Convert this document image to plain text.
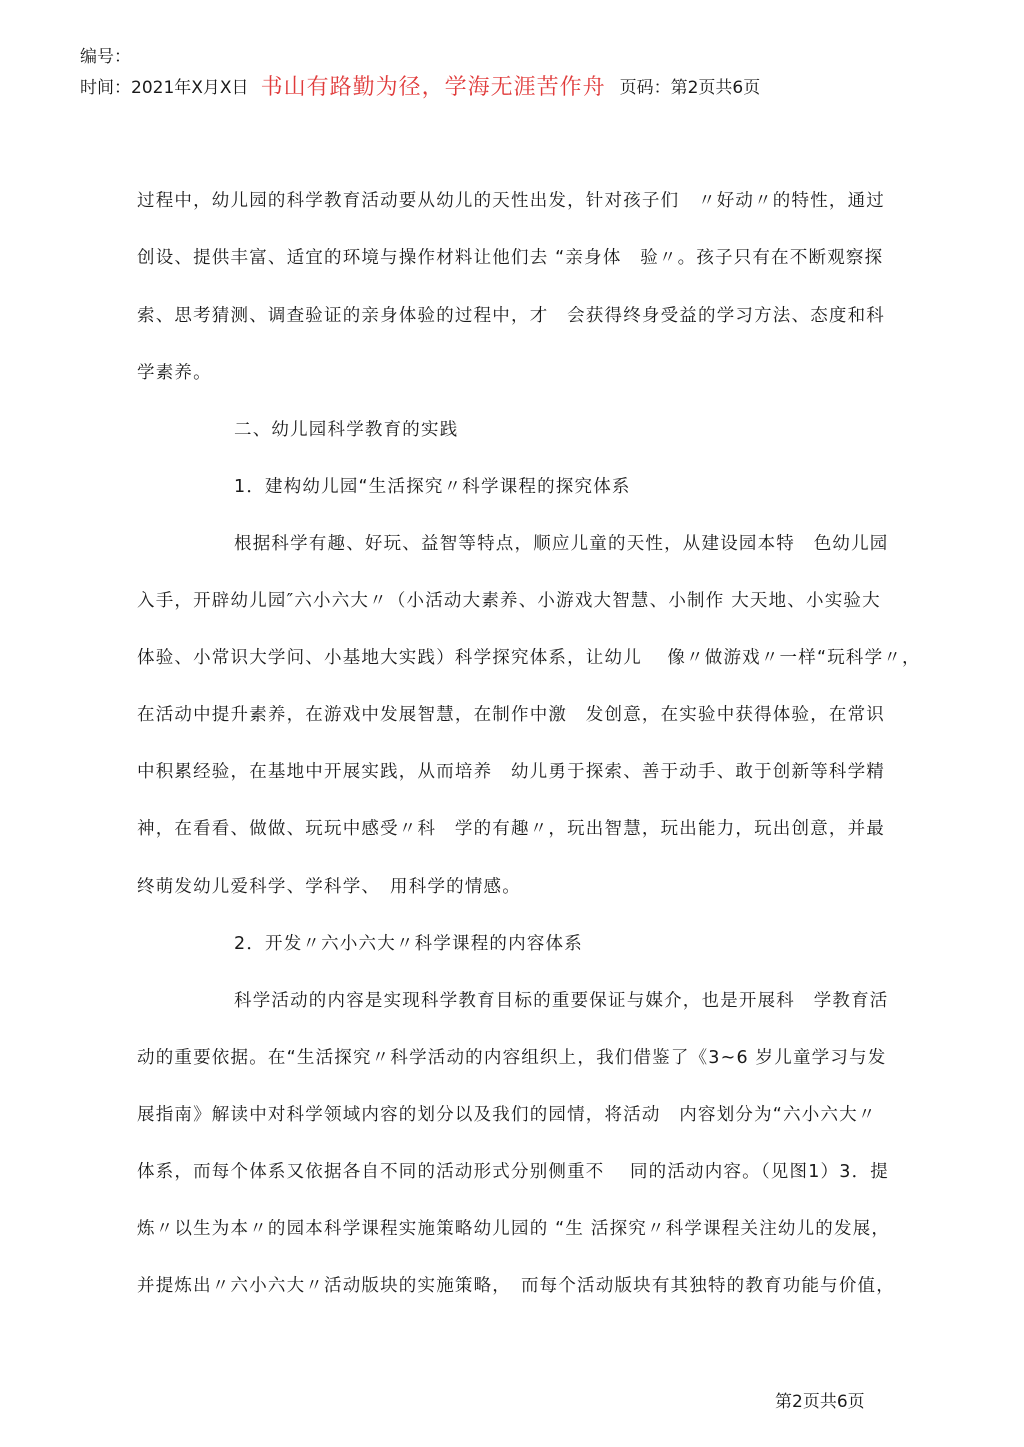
编号：
时间：2021年X月X日 书山有路勤为径，学海无涯苦作舟 页码：第2页共6页
过程中，幼儿园的科学教育活动要从幼儿的天性出发，针对孩子们　〃好动〃的特性，通过
创设、提供丰富、适宜的环境与操作材料让他们去 “亲身体　验〃。孩子只有在不断观察探
索、思考猜测、调查验证的亲身体验的过程中，才　会获得终身受益的学习方法、态度和科
学素养。
二、幼儿园科学教育的实践
1．建构幼儿园“生活探究〃科学课程的探究体系
根据科学有趣、好玩、益智等特点，顺应儿童的天性，从建设园本特　色幼儿园
入手，开辟幼儿园″六小六大〃（小活动大素养、小游戏大智慧、小制作 大天地、小实验大
体验、小常识大学问、小基地大实践）科学探究体系，让幼儿　 像〃做游戏〃一样“玩科学〃，
在活动中提升素养，在游戏中发展智慧，在制作中激　发创意，在实验中获得体验，在常识
中积累经验，在基地中开展实践，从而培养　幼儿勇于探索、善于动手、敢于创新等科学精
神，在看看、做做、玩玩中感受〃科　学的有趣〃，玩出智慧，玩出能力，玩出创意，并最
终萌发幼儿爱科学、学科学、　用科学的情感。
2．开发〃六小六大〃科学课程的内容体系
科学活动的内容是实现科学教育目标的重要保证与媒介，也是开展科　学教育活
动的重要依据。在“生活探究〃科学活动的内容组织上，我们借鉴了《3~6 岁儿童学习与发
展指南》解读中对科学领域内容的划分以及我们的园情，将活动　内容划分为“六小六大〃
体系，而每个体系又依据各自不同的活动形式分别侧重不　 同的活动内容。（见图1）3．提
炼〃以生为本〃的园本科学课程实施策略幼儿园的 “生 活探究〃科学课程关注幼儿的发展，
并提炼出〃六小六大〃活动版块的实施策略，　而每个活动版块有其独特的教育功能与价值，
第2页共6页
